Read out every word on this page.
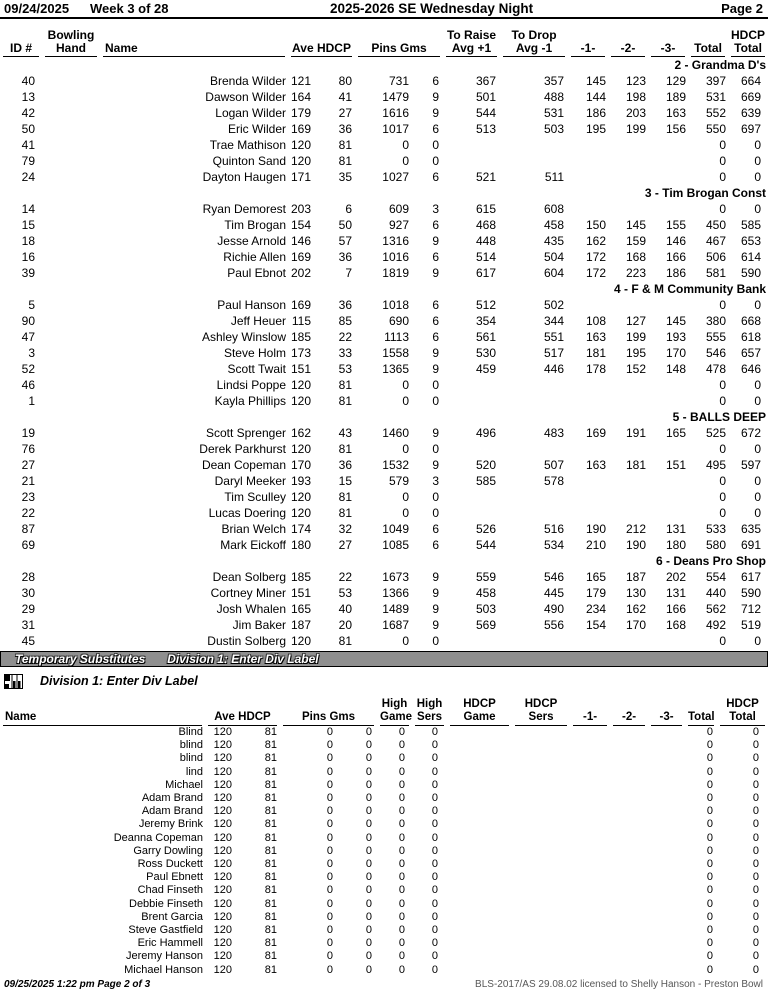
09/24/2025 Week 3 of 28	2025-2026 SE Wednesday Night	Page 2
ID #	Bowling
Hand	Name	Ave HDCP		Pins Gms		To Raise
Avg +1	To Drop
Avg -1	-1-	-2-	-3-	Total	HDCP
Total

2 - Grandma D's													
40		Brenda Wilder	121	80	731	6	367	357	145	123	129	397	664
13		Dawson Wilder	164	41	1479	9	501	488	144	198	189	531	669
42		Logan Wilder	179	27	1616	9	544	531	186	203	163	552	639
50		Eric Wilder	169	36	1017	6	513	503	195	199	156	550	697
41		Trae Mathison	120	81	0	0						0	0
79		Quinton Sand	120	81	0	0						0	0
24		Dayton Haugen	171	35	1027	6	521	511				0	0
3 - Tim Brogan Const													
14		Ryan Demorest	203	6	609	3	615	608				0	0
15		Tim Brogan	154	50	927	6	468	458	150	145	155	450	585
18		Jesse Arnold	146	57	1316	9	448	435	162	159	146	467	653
16		Richie Allen	169	36	1016	6	514	504	172	168	166	506	614
39		Paul Ebnot	202	7	1819	9	617	604	172	223	186	581	590
4 - F & M Community Bank													
5		Paul Hanson	169	36	1018	6	512	502				0	0
90		Jeff Heuer	115	85	690	6	354	344	108	127	145	380	668
47		Ashley Winslow	185	22	1113	6	561	551	163	199	193	555	618
3		Steve Holm	173	33	1558	9	530	517	181	195	170	546	657
52		Scott Twait	151	53	1365	9	459	446	178	152	148	478	646
46		Lindsi Poppe	120	81	0	0						0	0
1		Kayla Phillips	120	81	0	0						0	0
5 - BALLS DEEP													
19		Scott Sprenger	162	43	1460	9	496	483	169	191	165	525	672
76		Derek Parkhurst	120	81	0	0						0	0
27		Dean Copeman	170	36	1532	9	520	507	163	181	151	495	597
21		Daryl Meeker	193	15	579	3	585	578				0	0
23		Tim Sculley	120	81	0	0						0	0
22		Lucas Doering	120	81	0	0						0	0
87		Brian Welch	174	32	1049	6	526	516	190	212	131	533	635
69		Mark Eickoff	180	27	1085	6	544	534	210	190	180	580	691
6 - Deans Pro Shop													
28		Dean Solberg	185	22	1673	9	559	546	165	187	202	554	617
30		Cortney Miner	151	53	1366	9	458	445	179	130	131	440	590
29		Josh Whalen	165	40	1489	9	503	490	234	162	166	562	712
31		Jim Baker	187	20	1687	9	569	556	154	170	168	492	519
45		Dustin Solberg	120	81	0	0						0	0
Temporary Substitutes Division 1: Enter Div Label
Division 1: Enter Div Label
Name	Ave HDCP		Pins Gms		High
Game	High
Sers	HDCP
Game	HDCP
Sers	-1-	-2-	-3-	Total	HDCP
Total

Blind	120	81	0	0	0	0						0	0
blind	120	81	0	0	0	0						0	0
blind	120	81	0	0	0	0						0	0
lind	120	81	0	0	0	0						0	0
Michael	120	81	0	0	0	0						0	0
Adam Brand	120	81	0	0	0	0						0	0
Adam Brand	120	81	0	0	0	0						0	0
Jeremy Brink	120	81	0	0	0	0						0	0
Deanna Copeman	120	81	0	0	0	0						0	0
Garry Dowling	120	81	0	0	0	0						0	0
Ross Duckett	120	81	0	0	0	0						0	0
Paul Ebnett	120	81	0	0	0	0						0	0
Chad Finseth	120	81	0	0	0	0						0	0
Debbie Finseth	120	81	0	0	0	0						0	0
Brent Garcia	120	81	0	0	0	0						0	0
Steve Gastfield	120	81	0	0	0	0						0	0
Eric Hammell	120	81	0	0	0	0						0	0
Jeremy Hanson	120	81	0	0	0	0						0	0
Michael Hanson	120	81	0	0	0	0						0	0
09/25/2025 1:22 pm Page 2 of 3	BLS-2017/AS 29.08.02 licensed to Shelly Hanson - Preston Bowl
